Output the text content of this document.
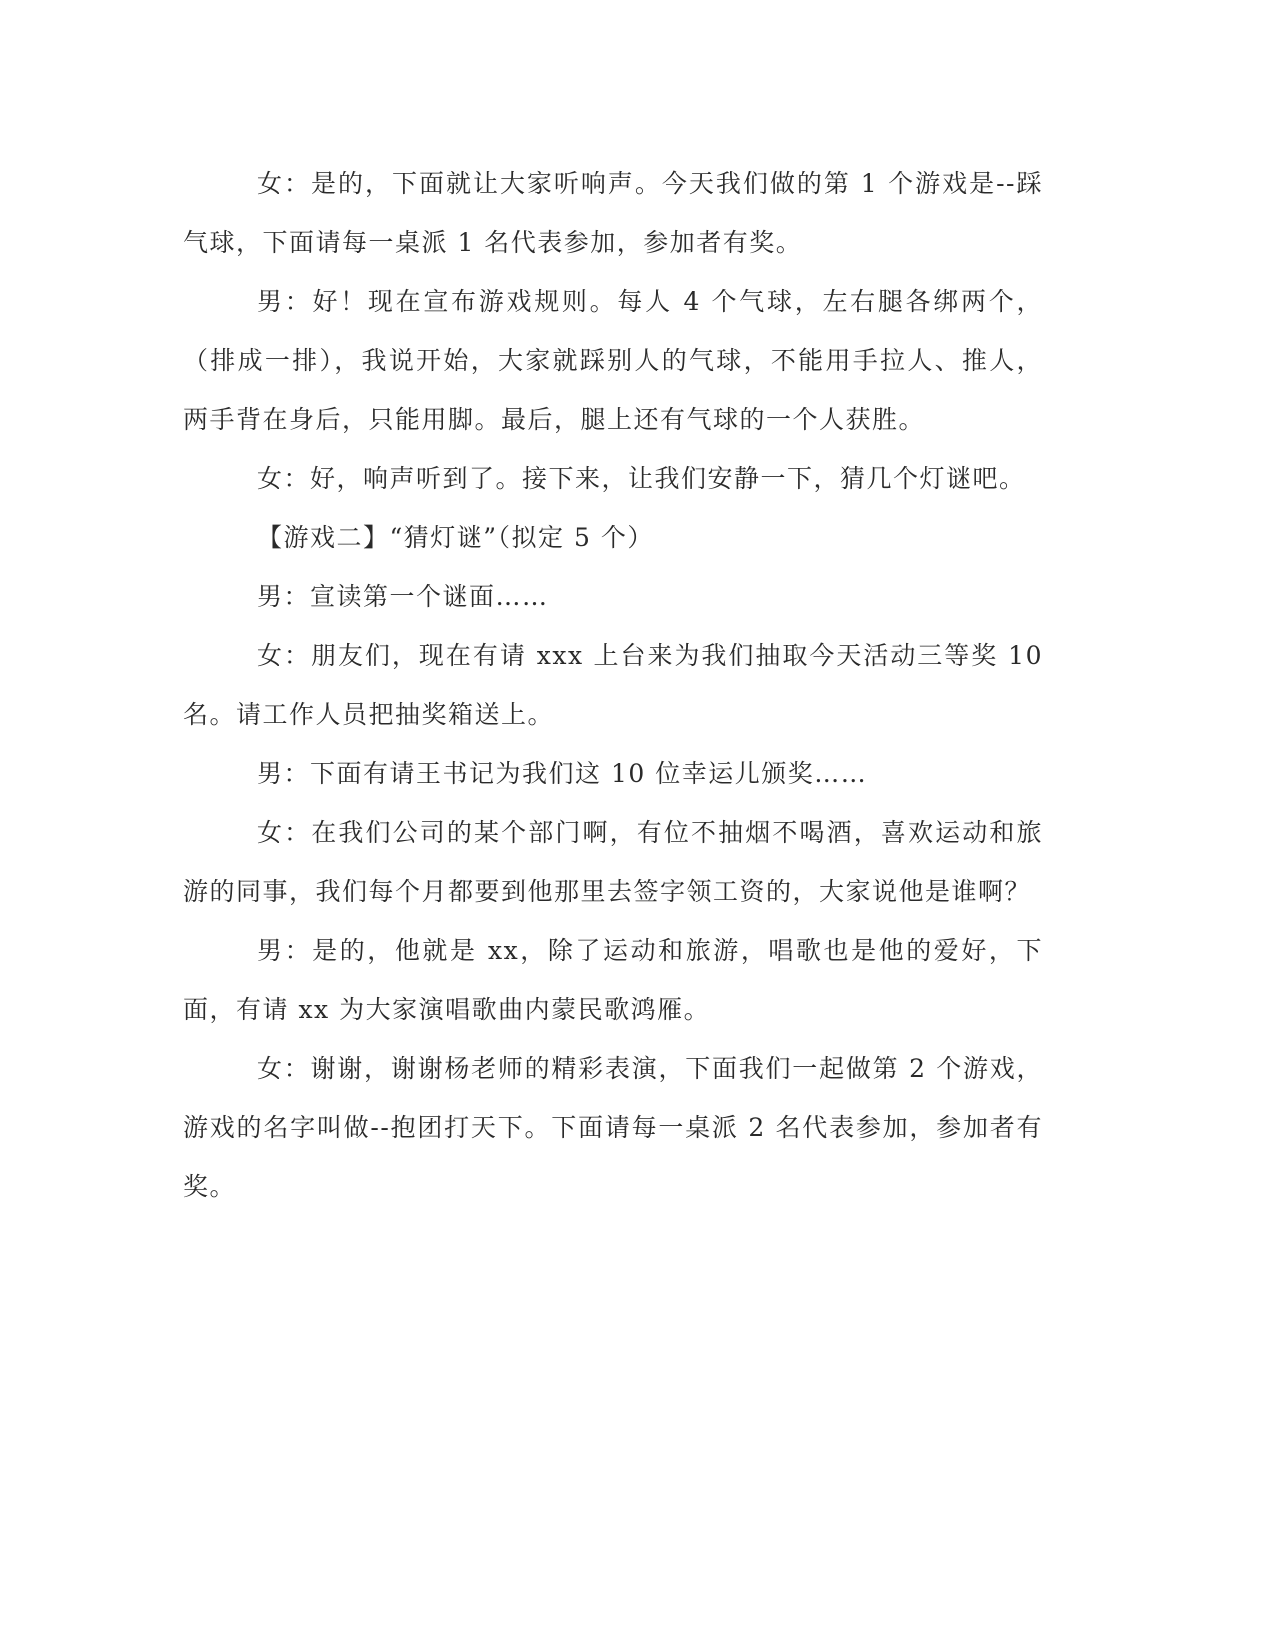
女：是的，下面就让大家听响声。今天我们做的第 1 个游戏是--踩气球，下面请每一桌派 1 名代表参加，参加者有奖。

男：好！现在宣布游戏规则。每人 4 个气球，左右腿各绑两个，（排成一排），我说开始，大家就踩别人的气球，不能用手拉人、推人，两手背在身后，只能用脚。最后，腿上还有气球的一个人获胜。

女：好，响声听到了。接下来，让我们安静一下，猜几个灯谜吧。

【游戏二】“猜灯谜”（拟定 5 个）

男：宣读第一个谜面……

女：朋友们，现在有请 xxx 上台来为我们抽取今天活动三等奖 10 名。请工作人员把抽奖箱送上。

男：下面有请王书记为我们这 10 位幸运儿颁奖……

女：在我们公司的某个部门啊，有位不抽烟不喝酒，喜欢运动和旅游的同事，我们每个月都要到他那里去签字领工资的，大家说他是谁啊？

男：是的，他就是 xx，除了运动和旅游，唱歌也是他的爱好，下面，有请 xx 为大家演唱歌曲内蒙民歌鸿雁。

女：谢谢，谢谢杨老师的精彩表演，下面我们一起做第 2 个游戏，游戏的名字叫做--抱团打天下。下面请每一桌派 2 名代表参加，参加者有奖。
